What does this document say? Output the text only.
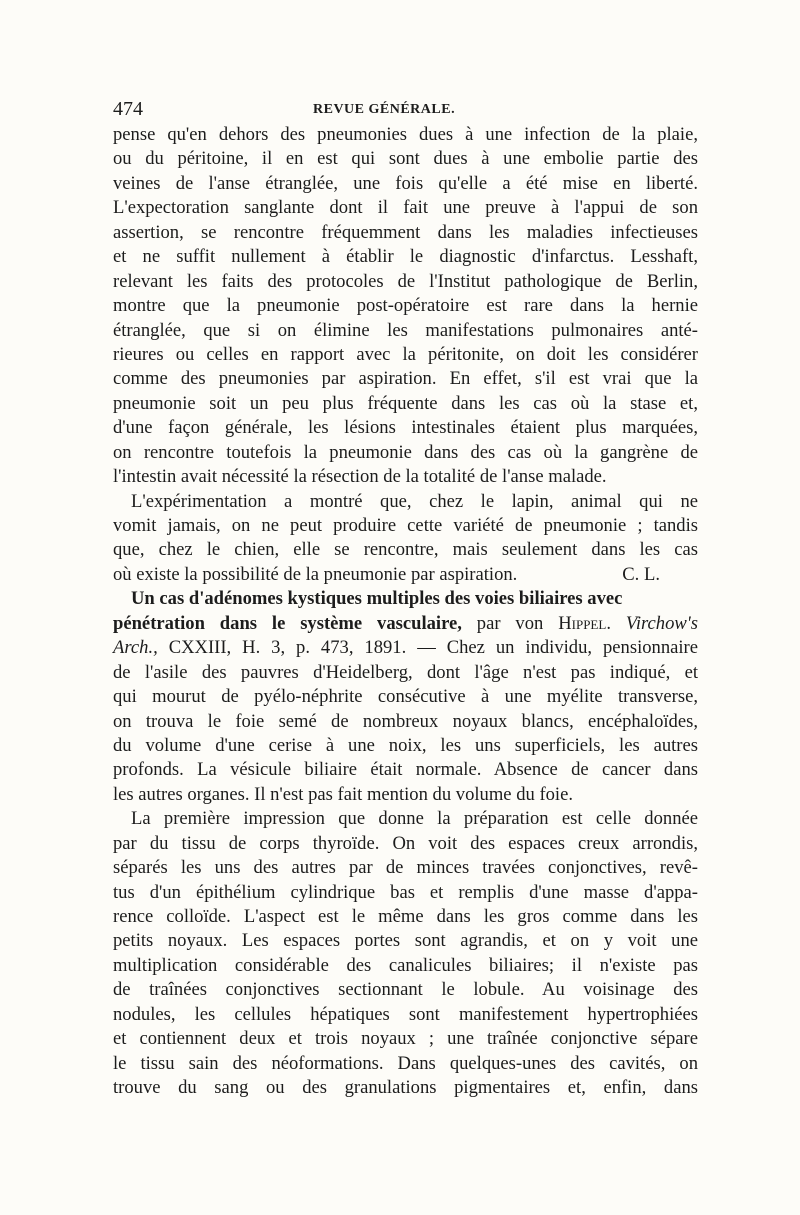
474	REVUE GÉNÉRALE.
pense qu'en dehors des pneumonies dues à une infection de la plaie,
ou du péritoine, il en est qui sont dues à une embolie partie des
veines de l'anse étranglée, une fois qu'elle a été mise en liberté.
L'expectoration sanglante dont il fait une preuve à l'appui de son
assertion, se rencontre fréquemment dans les maladies infectieuses
et ne suffit nullement à établir le diagnostic d'infarctus. Lesshaft,
relevant les faits des protocoles de l'Institut pathologique de Berlin,
montre que la pneumonie post-opératoire est rare dans la hernie
étranglée, que si on élimine les manifestations pulmonaires anté-
rieures ou celles en rapport avec la péritonite, on doit les considérer
comme des pneumonies par aspiration. En effet, s'il est vrai que la
pneumonie soit un peu plus fréquente dans les cas où la stase et,
d'une façon générale, les lésions intestinales étaient plus marquées,
on rencontre toutefois la pneumonie dans des cas où la gangrène de
l'intestin avait nécessité la résection de la totalité de l'anse malade.
L'expérimentation a montré que, chez le lapin, animal qui ne
vomit jamais, on ne peut produire cette variété de pneumonie ; tandis
que, chez le chien, elle se rencontre, mais seulement dans les cas
où existe la possibilité de la pneumonie par aspiration.	C. L.
Un cas d'adénomes kystiques multiples des voies biliaires avec
pénétration dans le système vasculaire, par von Hippel. Virchow's
Arch., CXXIII, H. 3, p. 473, 1891. — Chez un individu, pensionnaire
de l'asile des pauvres d'Heidelberg, dont l'âge n'est pas indiqué, et
qui mourut de pyélo-néphrite consécutive à une myélite transverse,
on trouva le foie semé de nombreux noyaux blancs, encéphaloïdes,
du volume d'une cerise à une noix, les uns superficiels, les autres
profonds. La vésicule biliaire était normale. Absence de cancer dans
les autres organes. Il n'est pas fait mention du volume du foie.
La première impression que donne la préparation est celle donnée
par du tissu de corps thyroïde. On voit des espaces creux arrondis,
séparés les uns des autres par de minces travées conjonctives, revê-
tus d'un épithélium cylindrique bas et remplis d'une masse d'appa-
rence colloïde. L'aspect est le même dans les gros comme dans les
petits noyaux. Les espaces portes sont agrandis, et on y voit une
multiplication considérable des canalicules biliaires; il n'existe pas
de traînées conjonctives sectionnant le lobule. Au voisinage des
nodules, les cellules hépatiques sont manifestement hypertrophiées
et contiennent deux et trois noyaux ; une traînée conjonctive sépare
le tissu sain des néoformations. Dans quelques-unes des cavités, on
trouve du sang ou des granulations pigmentaires et, enfin, dans
